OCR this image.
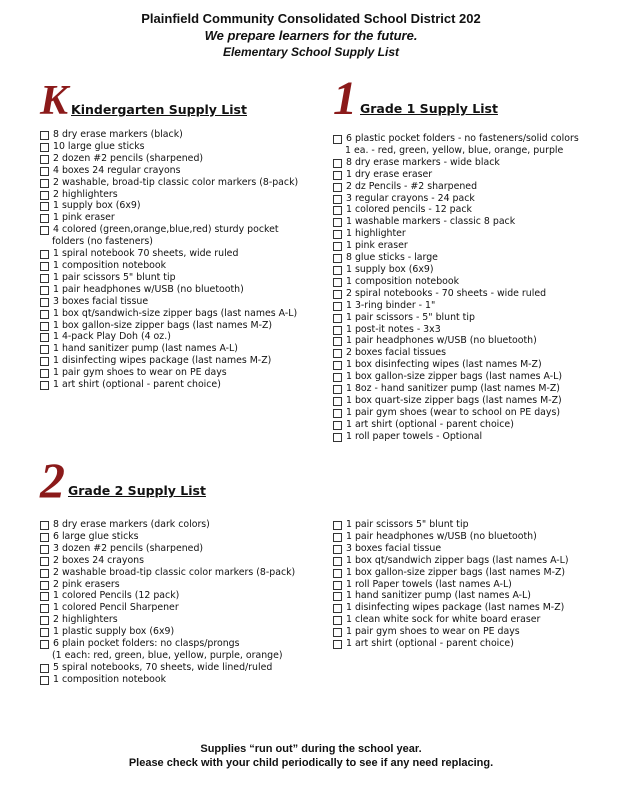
Plainfield Community Consolidated School District 202
We prepare learners for the future.
Elementary School Supply List
K Kindergarten Supply List
8 dry erase markers (black)
10 large glue sticks
2 dozen #2 pencils (sharpened)
4 boxes 24 regular crayons
2 washable, broad-tip classic color markers (8-pack)
2 highlighters
1 supply box (6x9)
1 pink eraser
4 colored (green,orange,blue,red) sturdy pocket
folders (no fasteners)
1 spiral notebook 70 sheets, wide ruled
1 composition notebook
1 pair scissors 5" blunt tip
1 pair headphones w/USB (no bluetooth)
3 boxes facial tissue
1 box qt/sandwich-size zipper bags (last names A-L)
1 box gallon-size zipper bags (last names M-Z)
1 4-pack Play Doh (4 oz.)
1 hand sanitizer pump (last names A-L)
1 disinfecting wipes package (last names M-Z)
1 pair gym shoes to wear on PE days
1 art shirt (optional - parent choice)
1 Grade 1 Supply List
6 plastic pocket folders - no fasteners/solid colors
1 ea. - red, green, yellow, blue, orange, purple
8 dry erase markers - wide black
1 dry erase eraser
2 dz Pencils - #2 sharpened
3 regular crayons - 24 pack
1 colored pencils - 12 pack
1 washable markers - classic 8 pack
1 highlighter
1 pink eraser
8 glue sticks - large
1 supply box (6x9)
1 composition notebook
2 spiral notebooks - 70 sheets - wide ruled
1 3-ring binder - 1"
1 pair scissors - 5" blunt tip
1 post-it notes - 3x3
1 pair headphones w/USB (no bluetooth)
2 boxes facial tissues
1 box disinfecting wipes (last names M-Z)
1 box gallon-size zipper bags (last names A-L)
1 8oz - hand sanitizer pump (last names M-Z)
1 box quart-size zipper bags (last names M-Z)
1 pair gym shoes (wear to school on PE days)
1 art shirt (optional - parent choice)
1 roll paper towels - Optional
2 Grade 2 Supply List
8 dry erase markers (dark colors)
6 large glue sticks
3 dozen #2 pencils (sharpened)
2 boxes 24 crayons
2 washable broad-tip classic color markers (8-pack)
2 pink erasers
1 colored Pencils (12 pack)
1 colored Pencil Sharpener
2 highlighters
1 plastic supply box (6x9)
6 plain pocket folders: no clasps/prongs
(1 each: red, green, blue, yellow, purple, orange)
5 spiral notebooks, 70 sheets, wide lined/ruled
1 composition notebook
1 pair scissors 5" blunt tip
1 pair headphones w/USB (no bluetooth)
3 boxes facial tissue
1 box qt/sandwich zipper bags (last names A-L)
1 box gallon-size zipper bags (last names M-Z)
1 roll Paper towels (last names A-L)
1 hand sanitizer pump (last names A-L)
1 disinfecting wipes package (last names M-Z)
1 clean white sock for white board eraser
1 pair gym shoes to wear on PE days
1 art shirt (optional - parent choice)
Supplies “run out” during the school year.
Please check with your child periodically to see if any need replacing.
